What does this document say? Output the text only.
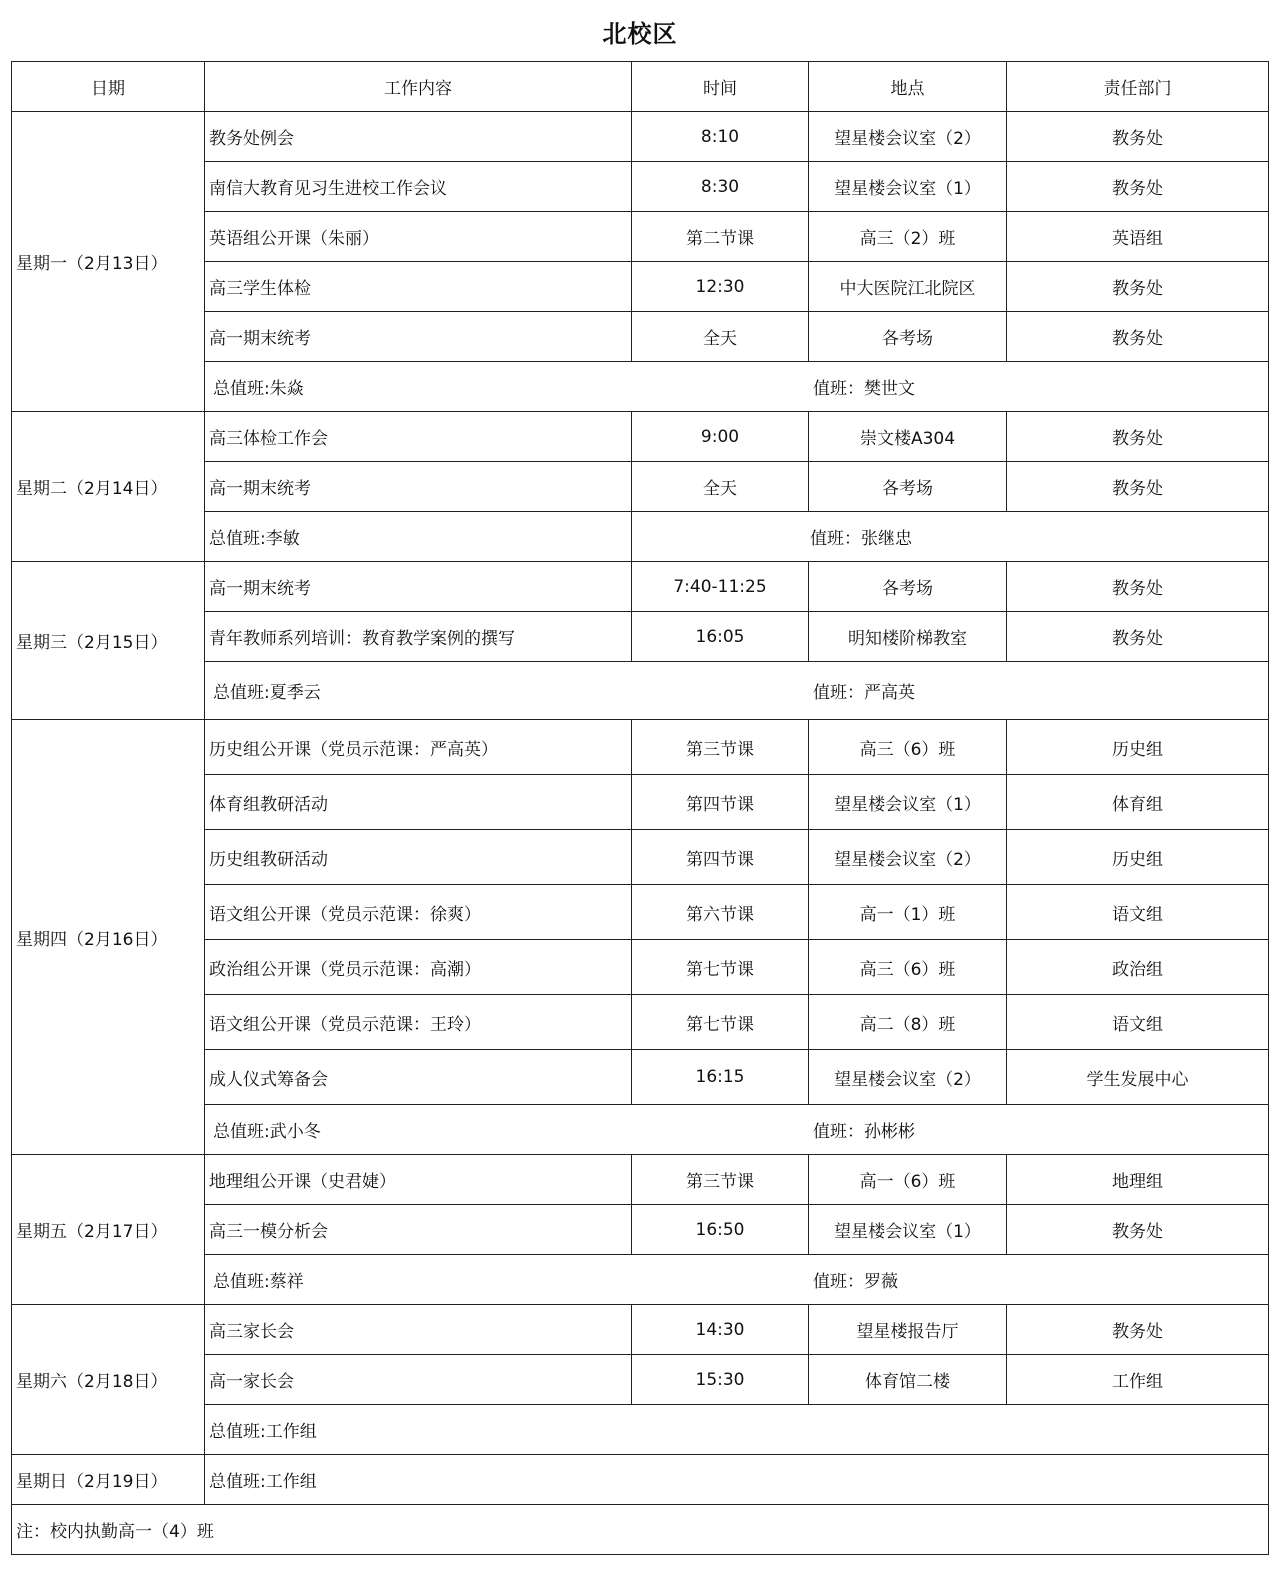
北校区
日期	工作内容	时间	地点	责任部门
星期一（2月13日）	教务处例会	8:10	望星楼会议室（2）	教务处
	南信大教育见习生进校工作会议	8:30	望星楼会议室（1）	教务处
	英语组公开课（朱丽）	第二节课	高三（2）班	英语组
	高三学生体检	12:30	中大医院江北院区	教务处
	高一期末统考	全天	各考场	教务处
	总值班:朱焱 值班：樊世文			
星期二（2月14日）	高三体检工作会	9:00	崇文楼A304	教务处
	高一期末统考	全天	各考场	教务处
	总值班:李敏	值班：张继忠		
星期三（2月15日）	高一期末统考	7:40-11:25	各考场	教务处
	青年教师系列培训：教育教学案例的撰写	16:05	明知楼阶梯教室	教务处
	总值班:夏季云 值班：严高英			
星期四（2月16日）	历史组公开课（党员示范课：严高英）	第三节课	高三（6）班	历史组
	体育组教研活动	第四节课	望星楼会议室（1）	体育组
	历史组教研活动	第四节课	望星楼会议室（2）	历史组
	语文组公开课（党员示范课：徐爽）	第六节课	高一（1）班	语文组
	政治组公开课（党员示范课：高潮）	第七节课	高三（6）班	政治组
	语文组公开课（党员示范课：王玲）	第七节课	高二（8）班	语文组
	成人仪式筹备会	16:15	望星楼会议室（2）	学生发展中心
	总值班:武小冬 值班：孙彬彬			
星期五（2月17日）	地理组公开课（史君婕）	第三节课	高一（6）班	地理组
	高三一模分析会	16:50	望星楼会议室（1）	教务处
	总值班:蔡祥 值班：罗薇			
星期六（2月18日）	高三家长会	14:30	望星楼报告厅	教务处
	高一家长会	15:30	体育馆二楼	工作组
	总值班:工作组			
星期日（2月19日）	总值班:工作组			
注：校内执勤高一（4）班				
